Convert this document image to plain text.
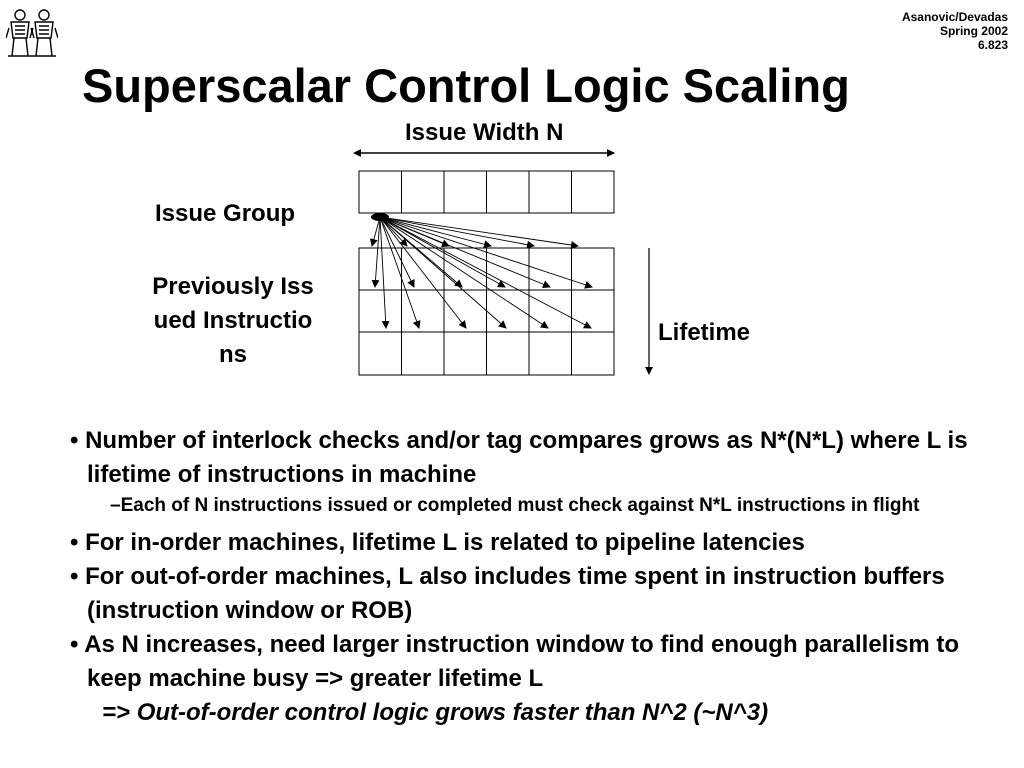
Asanovic/Devadas
Spring 2002
6.823
Superscalar Control Logic Scaling
Issue Width N
Issue Group
Previously Issued Instructions
Lifetime

• Number of interlock checks and/or tag compares grows as N*(N*L) where L is lifetime of instructions in machine

–Each of N instructions issued or completed must check against N*L instructions in flight

• For in-order machines, lifetime L is related to pipeline latencies

• For out-of-order machines, L also includes time spent in instruction buffers (instruction window or ROB)

• As N increases, need larger instruction window to find enough parallelism to keep machine busy => greater lifetime L

=> Out-of-order control logic grows faster than N^2 (~N^3)
